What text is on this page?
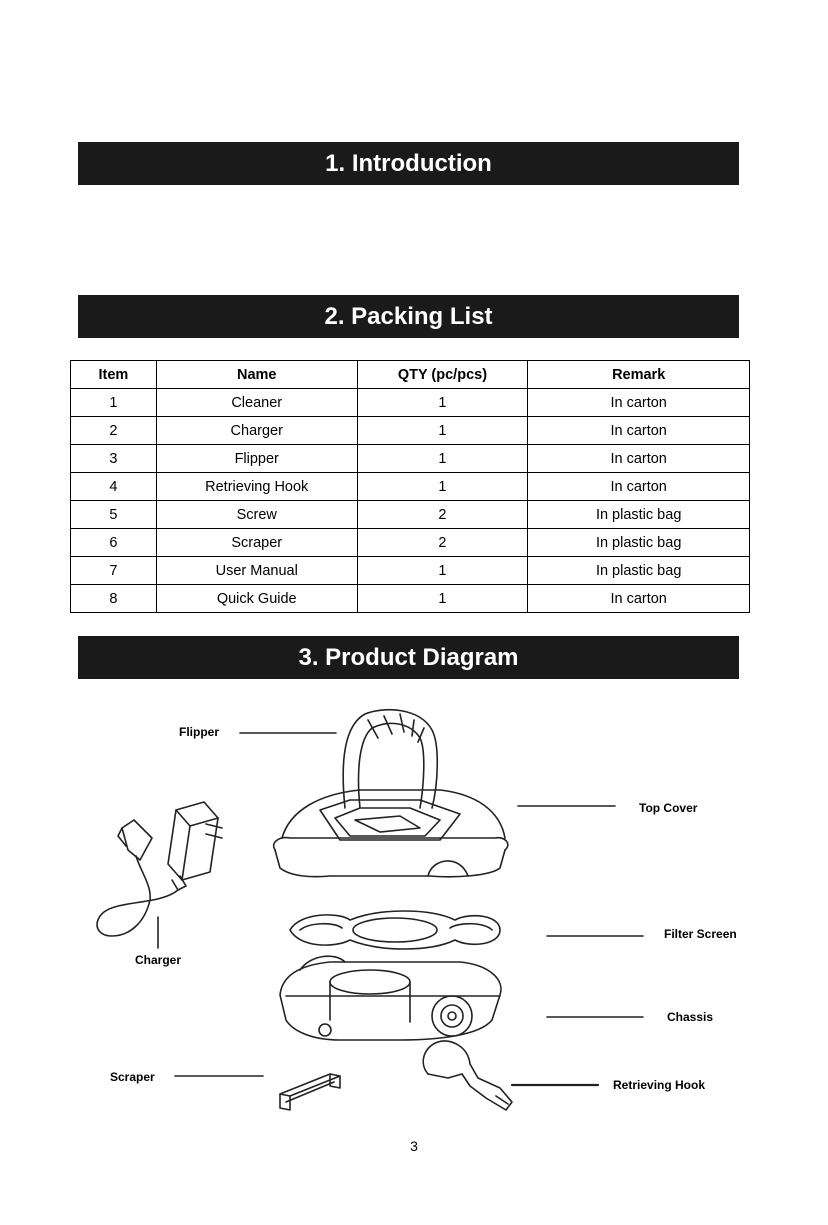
1. Introduction
2. Packing List
Item	Name	QTY (pc/pcs)	Remark
1	Cleaner	1	In carton
2	Charger	1	In carton
3	Flipper	1	In carton
4	Retrieving Hook	1	In carton
5	Screw	2	In plastic bag
6	Scraper	2	In plastic bag
7	User Manual	1	In plastic bag
8	Quick Guide	1	In carton
3. Product Diagram
Flipper
Top Cover
Charger
Filter Screen
Chassis
Scraper
Retrieving Hook
3
